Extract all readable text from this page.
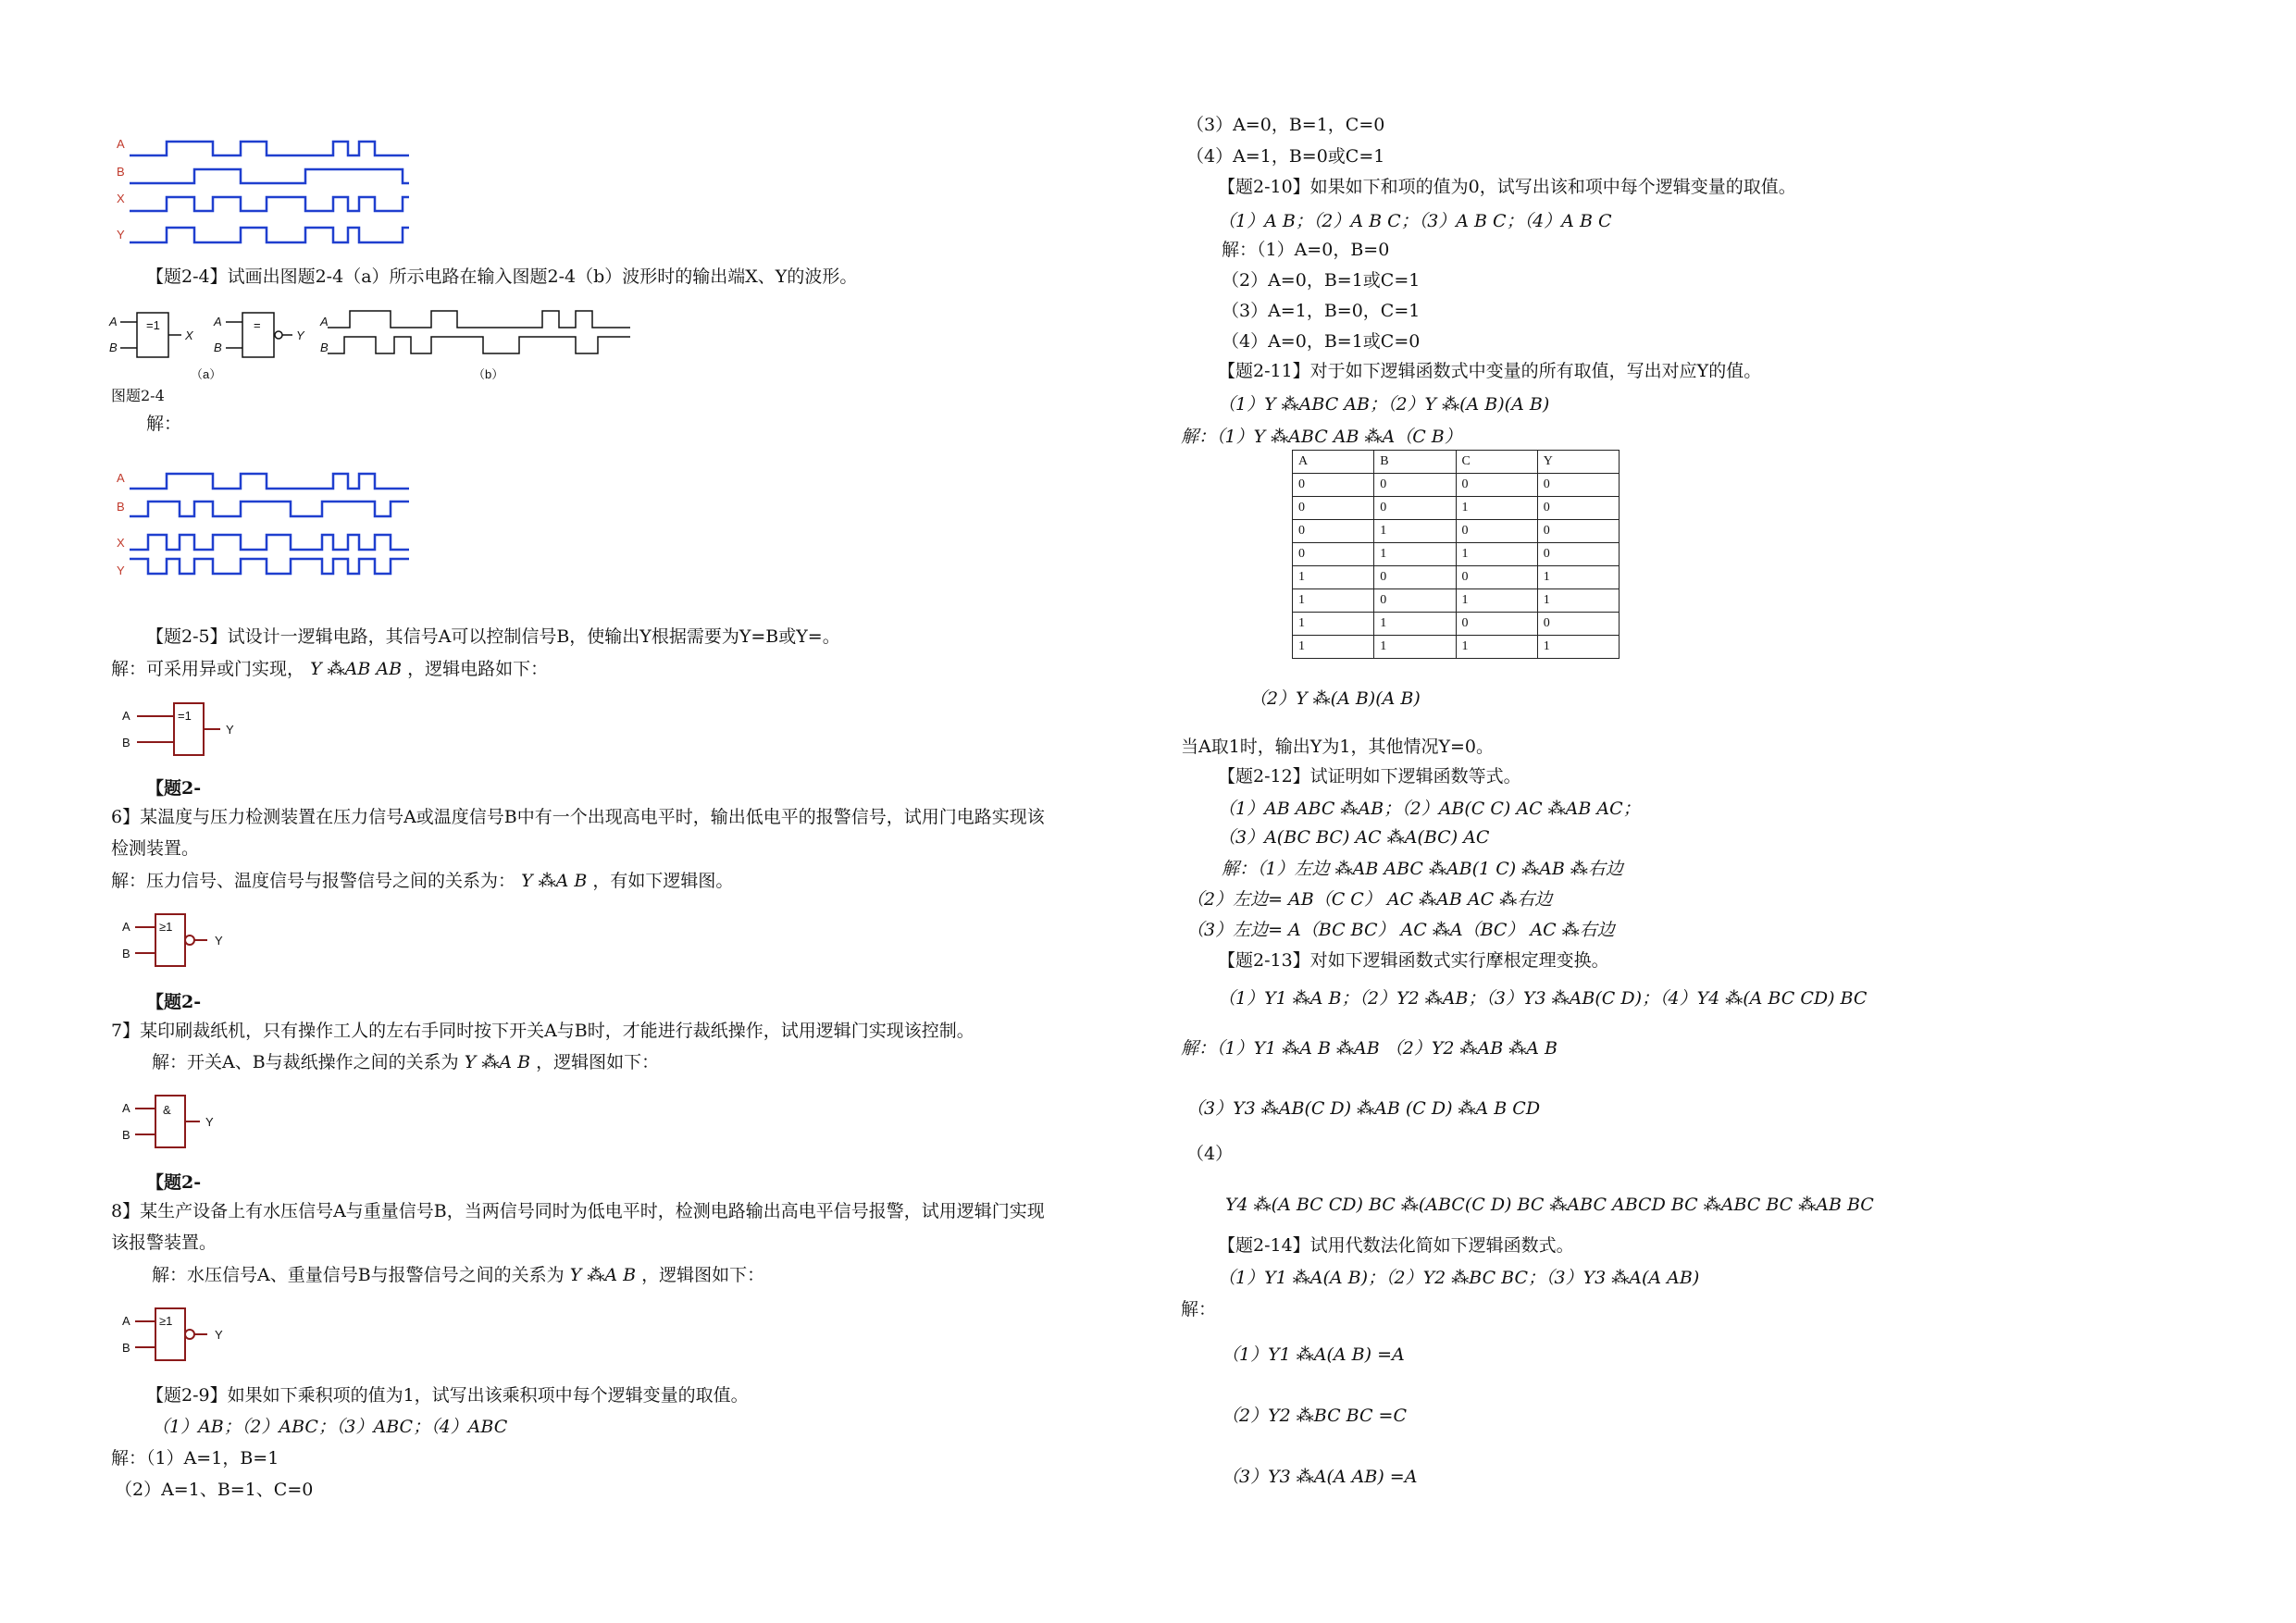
A
B
X
Y
【题2-4】试画出图题2-4（a）所示电路在输入图题2-4（b）波形时的输出端X、Y的波形。
=1	=
A
B
X
A
B
Y
（a）
A
B
（b）
图题2-4
解：
A
B
X
Y
【题2-5】试设计一逻辑电路，其信号A可以控制信号B，使输出Y根据需要为Y=B或Y=。
解：可采用异或门实现， Y ⁂AB AB ，逻辑电路如下：
=1
A
B
Y
【题2-
6】某温度与压力检测装置在压力信号A或温度信号B中有一个出现高电平时，输出低电平的报警信号，试用门电路实现该
检测装置。
解：压力信号、温度信号与报警信号之间的关系为： Y ⁂A B ，有如下逻辑图。
≥1
A
B
Y
【题2-
7】某印刷裁纸机，只有操作工人的左右手同时按下开关A与B时，才能进行裁纸操作，试用逻辑门实现该控制。
解：开关A、B与裁纸操作之间的关系为 Y ⁂A B ，逻辑图如下：
&
A
B
Y
【题2-
8】某生产设备上有水压信号A与重量信号B，当两信号同时为低电平时，检测电路输出高电平信号报警，试用逻辑门实现
该报警装置。
解：水压信号A、重量信号B与报警信号之间的关系为 Y ⁂A B ，逻辑图如下：
≥1
A
B
Y
【题2-9】如果如下乘积项的值为1，试写出该乘积项中每个逻辑变量的取值。
（1）AB；（2）ABC；（3）ABC；（4）ABC
解：（1）A=1，B=1
（2）A=1、B=1、C=0
（3）A=0，B=1，C=0
（4）A=1，B=0或C=1
【题2-10】如果如下和项的值为0，试写出该和项中每个逻辑变量的取值。
（1）A B；（2）A B C；（3）A B C；（4）A B C
解：（1）A=0，B=0
（2）A=0，B=1或C=1
（3）A=1，B=0，C=1
（4）A=0，B=1或C=0
【题2-11】对于如下逻辑函数式中变量的所有取值，写出对应Y的值。
（1）Y ⁂ABC AB；（2）Y ⁂(A B)(A B)
解：（1）Y ⁂ABC AB ⁂A（C B）
A	B	C	Y
0	0	0	0
0	0	1	0
0	1	0	0
0	1	1	0
1	0	0	1
1	0	1	1
1	1	0	0
1	1	1	1
（2）Y ⁂(A B)(A B)
当A取1时，输出Y为1，其他情况Y=0。
【题2-12】试证明如下逻辑函数等式。
（1）AB ABC ⁂AB；（2）AB(C C) AC ⁂AB AC；
（3）A(BC BC) AC ⁂A(BC) AC
解：（1）左边 ⁂AB ABC ⁂AB(1 C) ⁂AB ⁂右边
（2）左边= AB（C C） AC ⁂AB AC ⁂右边
（3）左边= A（BC BC） AC ⁂A（BC） AC ⁂右边
【题2-13】对如下逻辑函数式实行摩根定理变换。
（1）Y1 ⁂A B；（2）Y2 ⁂AB；（3）Y3 ⁂AB(C D)；（4）Y4 ⁂(A BC CD) BC
解：（1）Y1 ⁂A B ⁂AB （2）Y2 ⁂AB ⁂A B
（3）Y3 ⁂AB(C D) ⁂AB (C D) ⁂A B CD
（4）
Y4 ⁂(A BC CD) BC ⁂(ABC(C D) BC ⁂ABC ABCD BC ⁂ABC BC ⁂AB BC
【题2-14】试用代数法化简如下逻辑函数式。
（1）Y1 ⁂A(A B)；（2）Y2 ⁂BC BC；（3）Y3 ⁂A(A AB)
解：
（1）Y1 ⁂A(A B) =A
（2）Y2 ⁂BC BC =C
（3）Y3 ⁂A(A AB) =A
